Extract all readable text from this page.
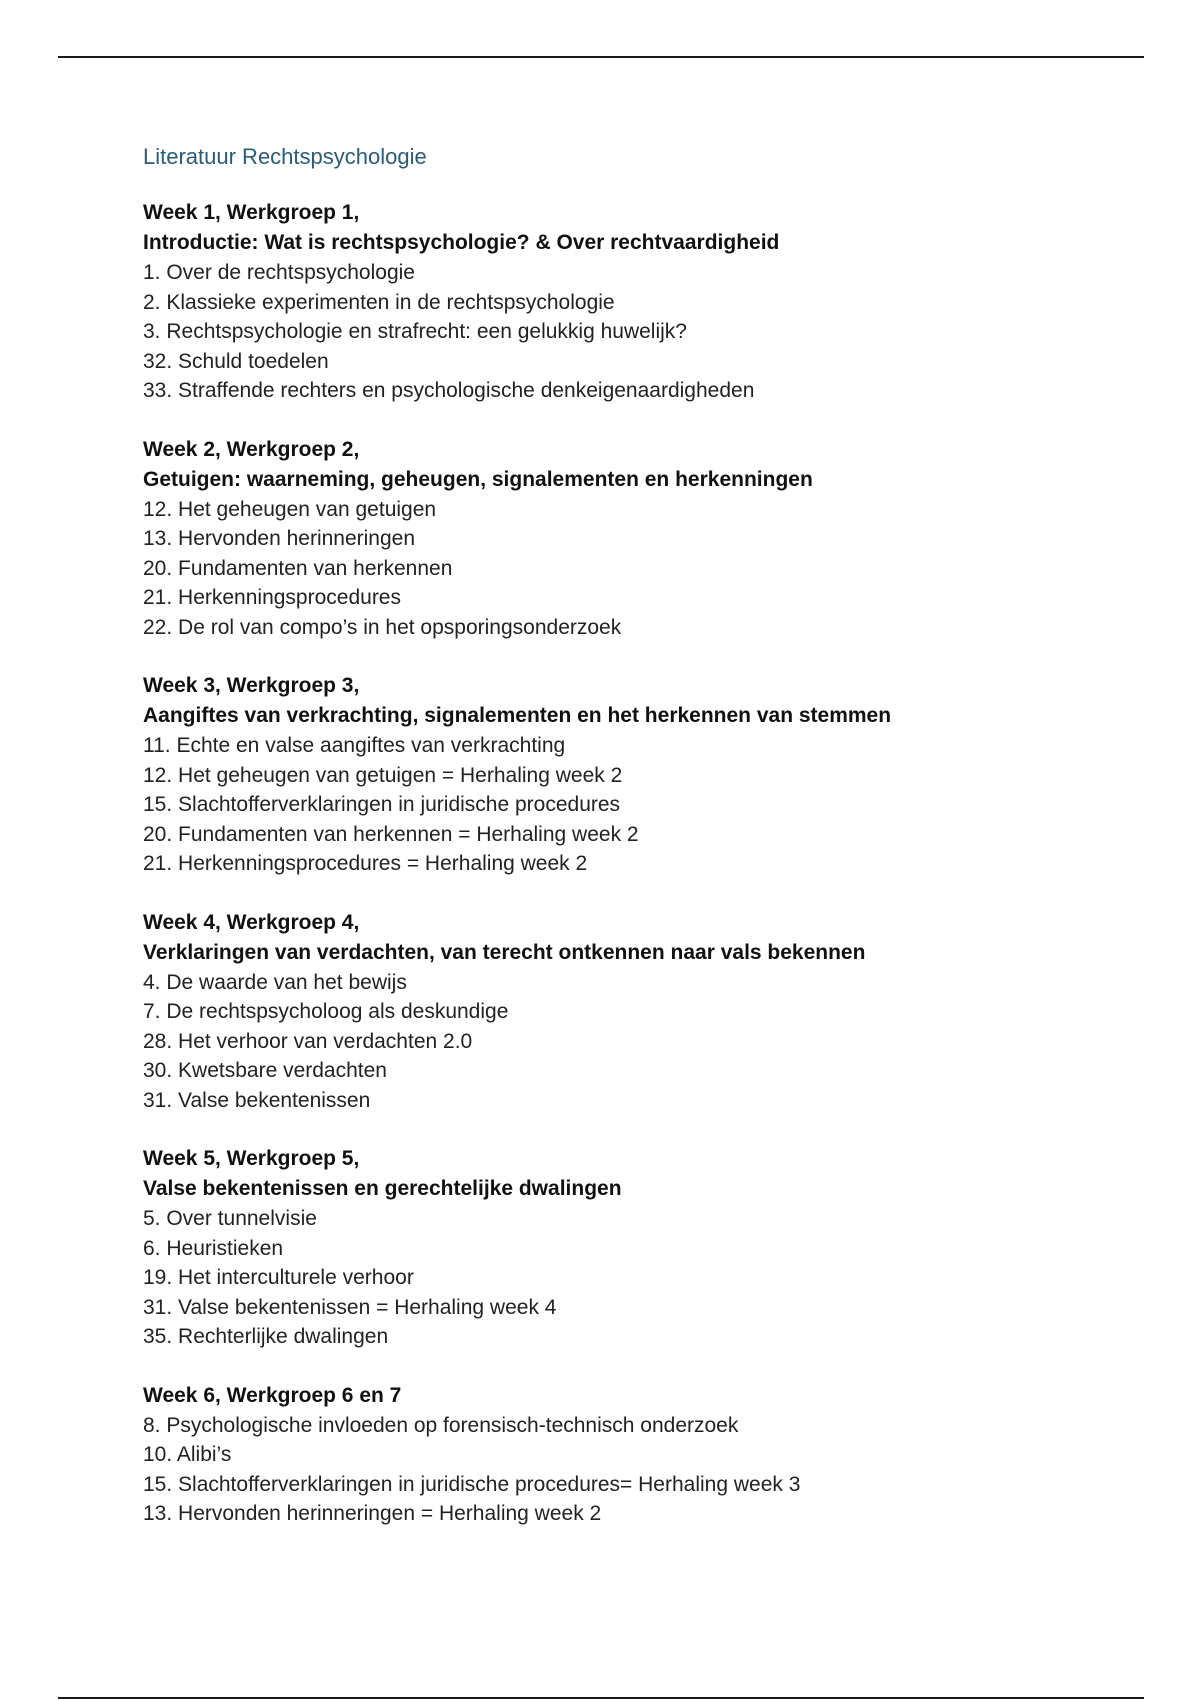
Literatuur Rechtspsychologie
Week 1, Werkgroep 1,
Introductie: Wat is rechtspsychologie? & Over rechtvaardigheid
1. Over de rechtspsychologie
2. Klassieke experimenten in de rechtspsychologie
3. Rechtspsychologie en strafrecht: een gelukkig huwelijk?
32. Schuld toedelen
33. Straffende rechters en psychologische denkeigenaardigheden
Week 2, Werkgroep 2,
Getuigen: waarneming, geheugen, signalementen en herkenningen
12. Het geheugen van getuigen
13. Hervonden herinneringen
20. Fundamenten van herkennen
21. Herkenningsprocedures
22. De rol van compo’s in het opsporingsonderzoek
Week 3, Werkgroep 3,
Aangiftes van verkrachting, signalementen en het herkennen van stemmen
11. Echte en valse aangiftes van verkrachting
12. Het geheugen van getuigen = Herhaling week 2
15. Slachtofferverklaringen in juridische procedures
20. Fundamenten van herkennen = Herhaling week 2
21. Herkenningsprocedures = Herhaling week 2
Week 4, Werkgroep 4,
Verklaringen van verdachten, van terecht ontkennen naar vals bekennen
4. De waarde van het bewijs
7. De rechtspsycholoog als deskundige
28. Het verhoor van verdachten 2.0
30. Kwetsbare verdachten
31. Valse bekentenissen
Week 5, Werkgroep 5,
Valse bekentenissen en gerechtelijke dwalingen
5. Over tunnelvisie
6. Heuristieken
19. Het interculturele verhoor
31. Valse bekentenissen = Herhaling week 4
35. Rechterlijke dwalingen
Week 6, Werkgroep 6 en 7
8. Psychologische invloeden op forensisch-technisch onderzoek
10. Alibi’s
15. Slachtofferverklaringen in juridische procedures= Herhaling week 3
13. Hervonden herinneringen = Herhaling week 2
